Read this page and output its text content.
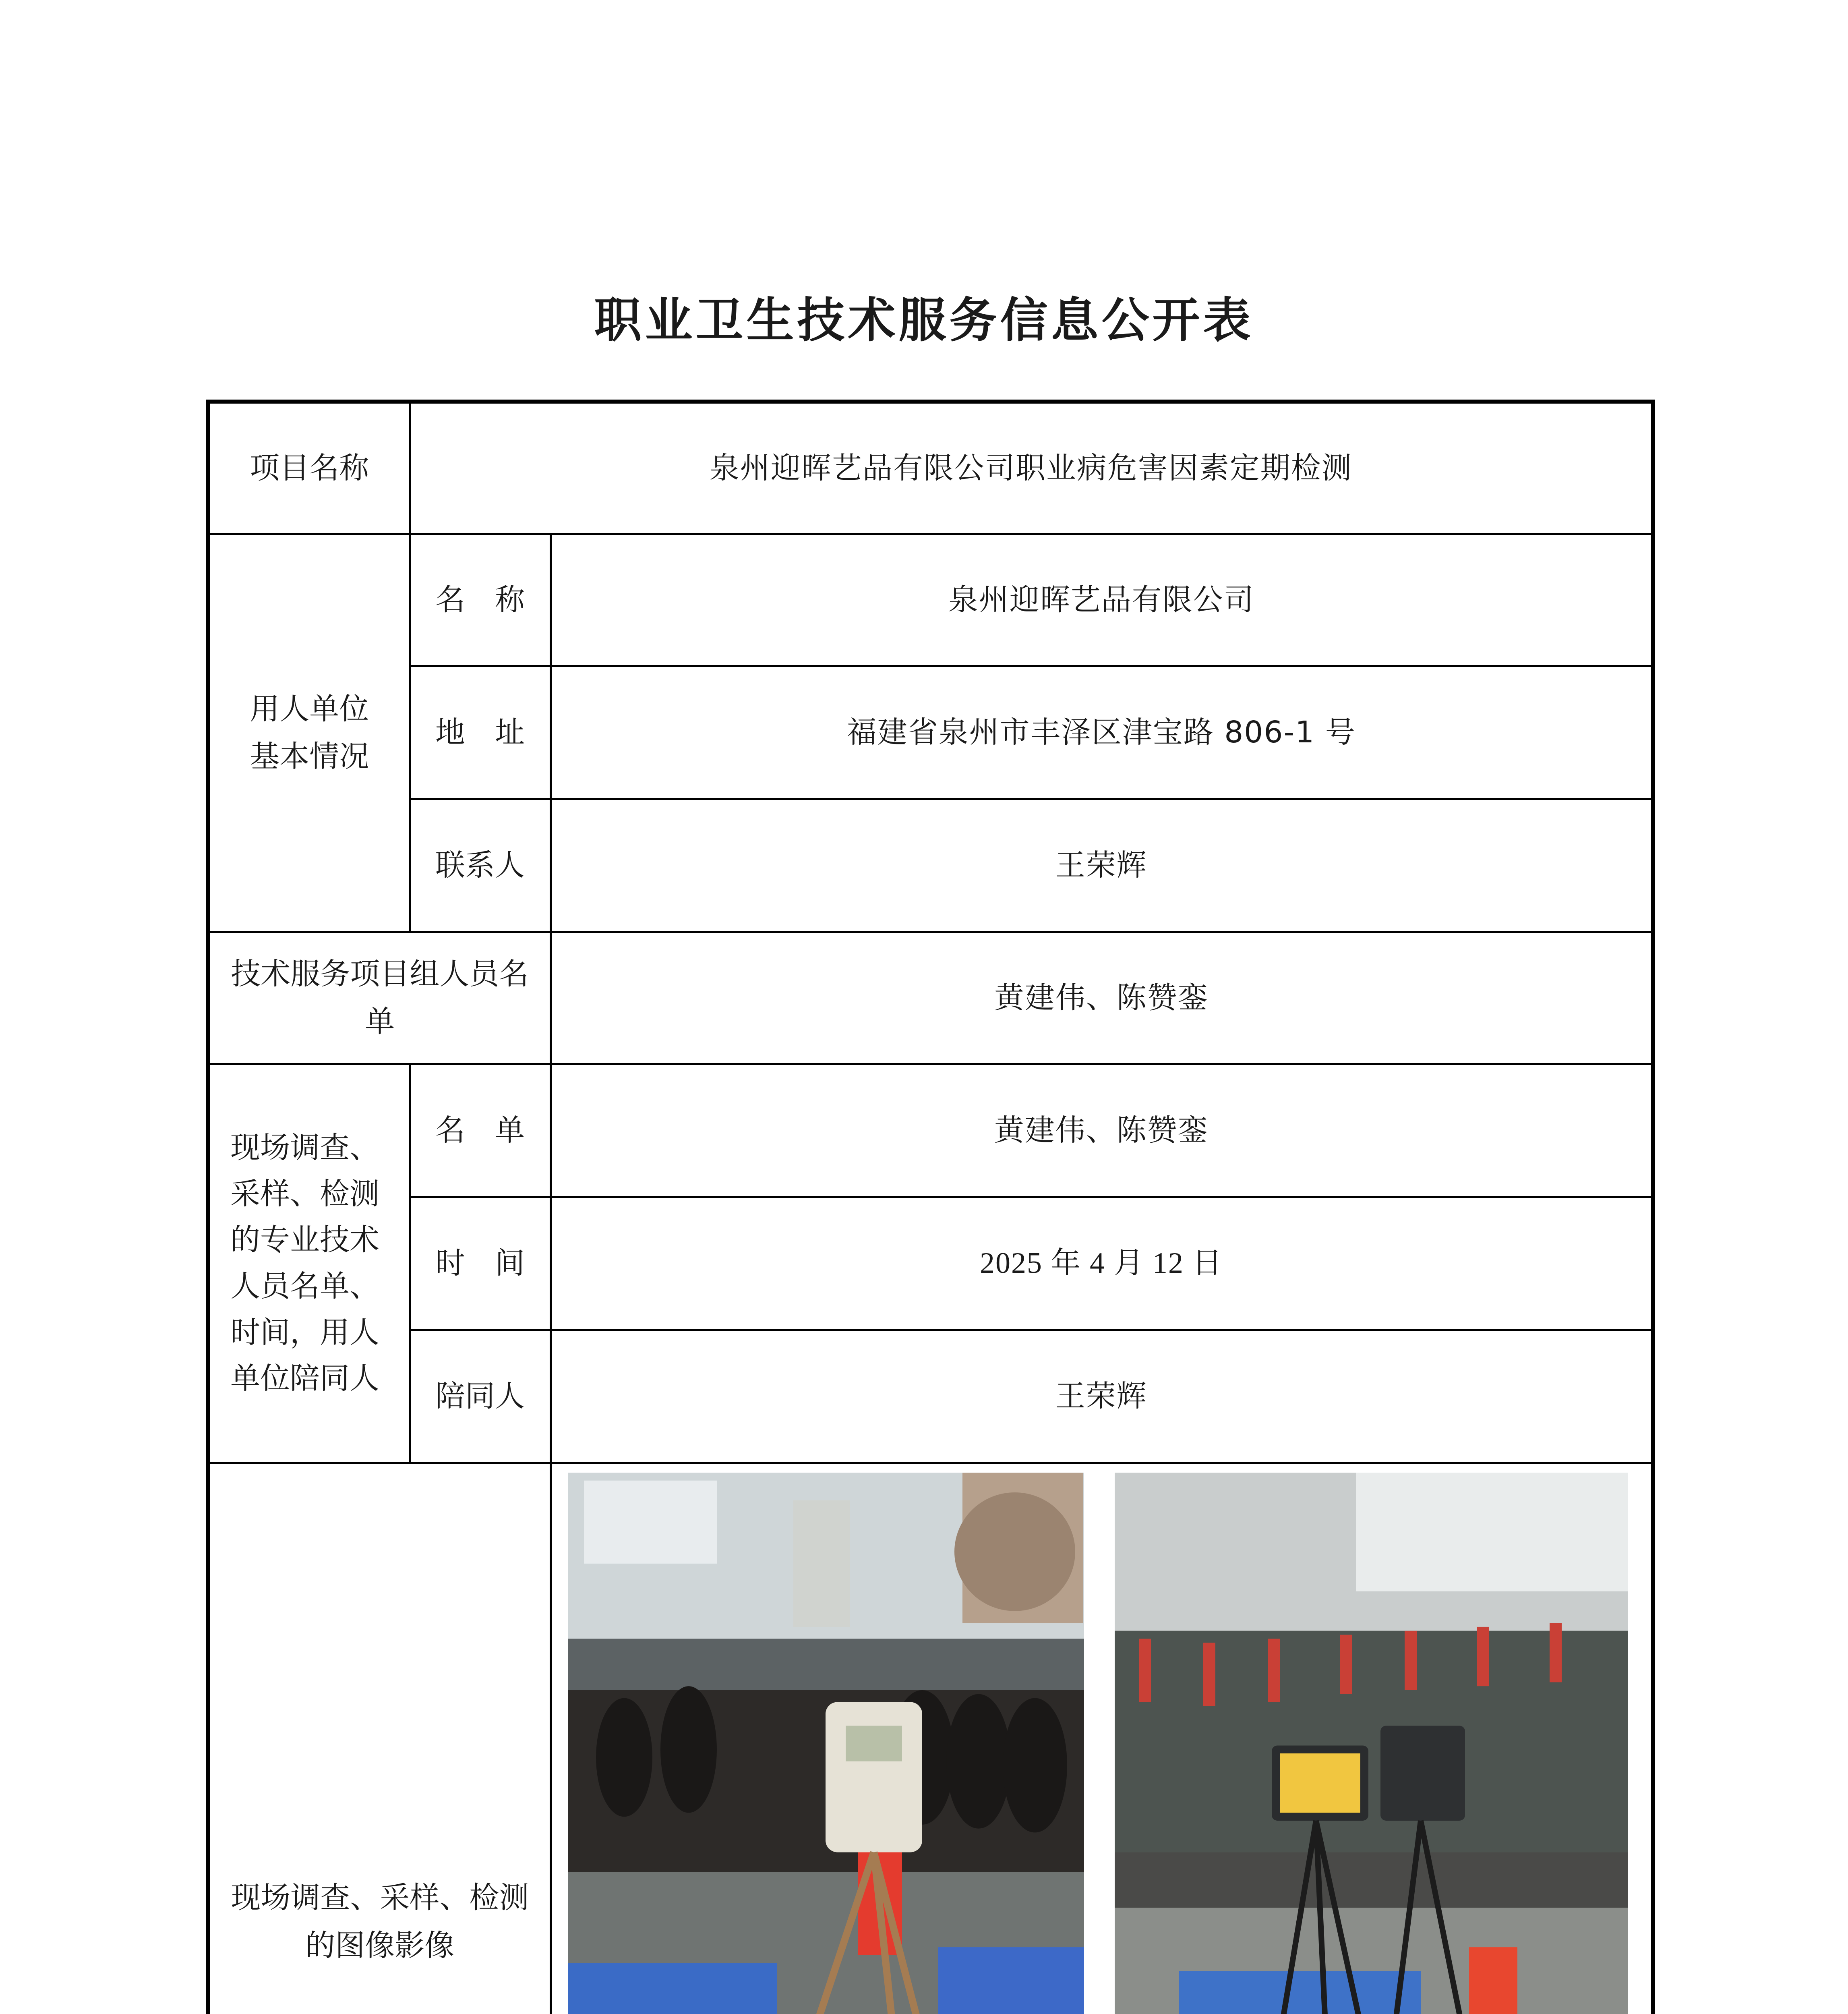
职业卫生技术服务信息公开表
项目名称	泉州迎晖艺品有限公司职业病危害因素定期检测	
用人单位基本情况	名　称	泉州迎晖艺品有限公司
	地　址	福建省泉州市丰泽区津宝路 806-1 号
	联系人	王荣辉
技术服务项目组人员名单		黄建伟、陈赞銮
现场调查、采样、检测的专业技术人员名单、时间，用人单位陪同人	名　单	黄建伟、陈赞銮
	时　间	2025 年 4 月 12 日
	陪同人	王荣辉
现场调查、采样、检测的图像影像	
